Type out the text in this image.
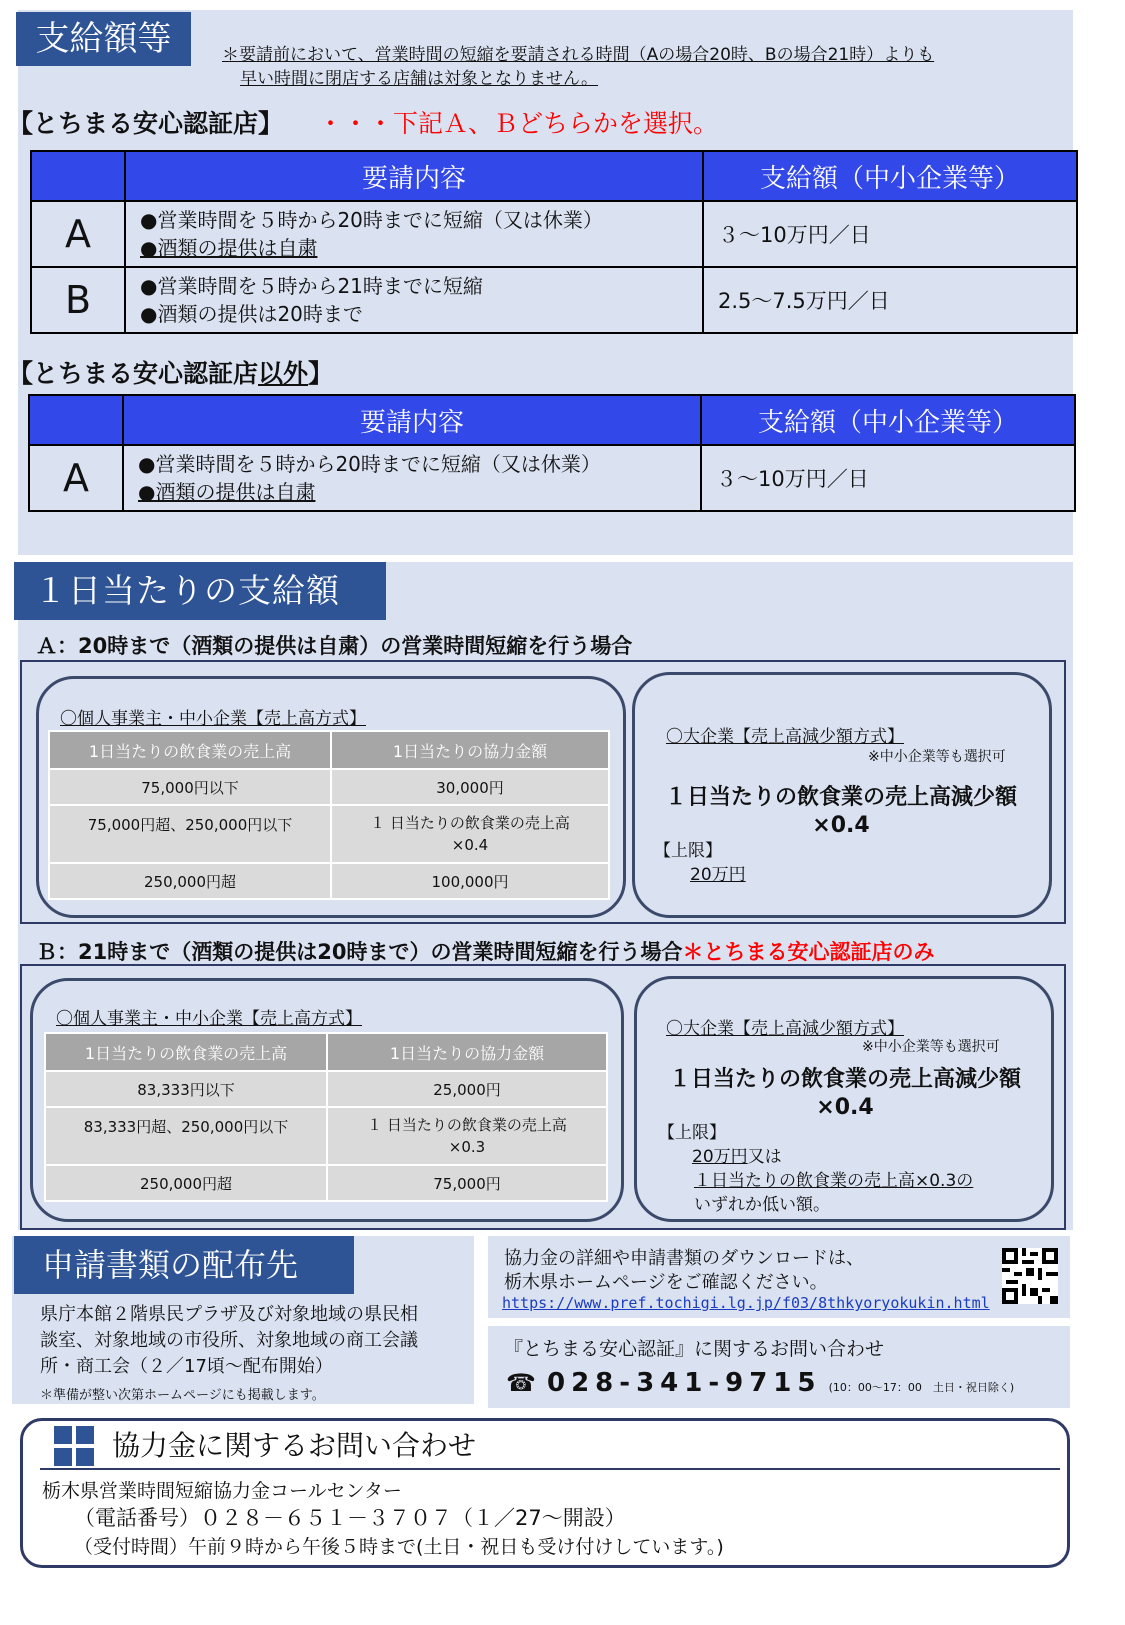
支給額等	＊要請前において、営業時間の短縮を要請される時間（Aの場合20時、Bの場合21時）よりも
早い時間に閉店する店舗は対象となりません。
【とちまる安心認証店】 ・・・下記Ａ、Ｂどちらかを選択。
	要請内容	支給額（中小企業等）
A	●営業時間を５時から20時までに短縮（又は休業）
●酒類の提供は自粛	３～10万円／日
B	●営業時間を５時から21時までに短縮
●酒類の提供は20時まで	2.5～7.5万円／日
【とちまる安心認証店以外】
	要請内容	支給額（中小企業等）
A	●営業時間を５時から20時までに短縮（又は休業）
●酒類の提供は自粛	３～10万円／日
１日当たりの支給額
Ａ：20時まで（酒類の提供は自粛）の営業時間短縮を行う場合
〇個人事業主・中小企業【売上高方式】
1日当たりの飲食業の売上高	1日当たりの協力金額
75,000円以下	30,000円
75,000円超、250,000円以下	１ 日当たりの飲食業の売上高
×0.4

250,000円超	100,000円
〇大企業【売上高減少額方式】
※中小企業等も選択可
１日当たりの飲食業の売上高減少額
×0.4
【上限】
20万円
Ｂ：21時まで（酒類の提供は20時まで）の営業時間短縮を行う場合＊とちまる安心認証店のみ
〇個人事業主・中小企業【売上高方式】
1日当たりの飲食業の売上高	1日当たりの協力金額
83,333円以下	25,000円
83,333円超、250,000円以下	１ 日当たりの飲食業の売上高
×0.3

250,000円超	75,000円
〇大企業【売上高減少額方式】
※中小企業等も選択可
１日当たりの飲食業の売上高減少額
×0.4
【上限】
20万円又は
１日当たりの飲食業の売上高×0.3の
いずれか低い額。
申請書類の配布先
県庁本館２階県民プラザ及び対象地域の県民相
談室、対象地域の市役所、対象地域の商工会議
所・商工会（２／17頃～配布開始）
＊準備が整い次第ホームページにも掲載します。
協力金の詳細や申請書類のダウンロードは、
栃木県ホームページをご確認ください。
https://www.pref.tochigi.lg.jp/f03/8thkyoryokukin.html
『とちまる安心認証』に関するお問い合わせ
☎ 028-341-9715 (10：00～17：00　土日・祝日除く)
協力金に関するお問い合わせ
栃木県営業時間短縮協力金コールセンター
（電話番号）０２８－６５１－３７０７（１／27～開設）
（受付時間）午前９時から午後５時まで(土日・祝日も受け付けしています。)
